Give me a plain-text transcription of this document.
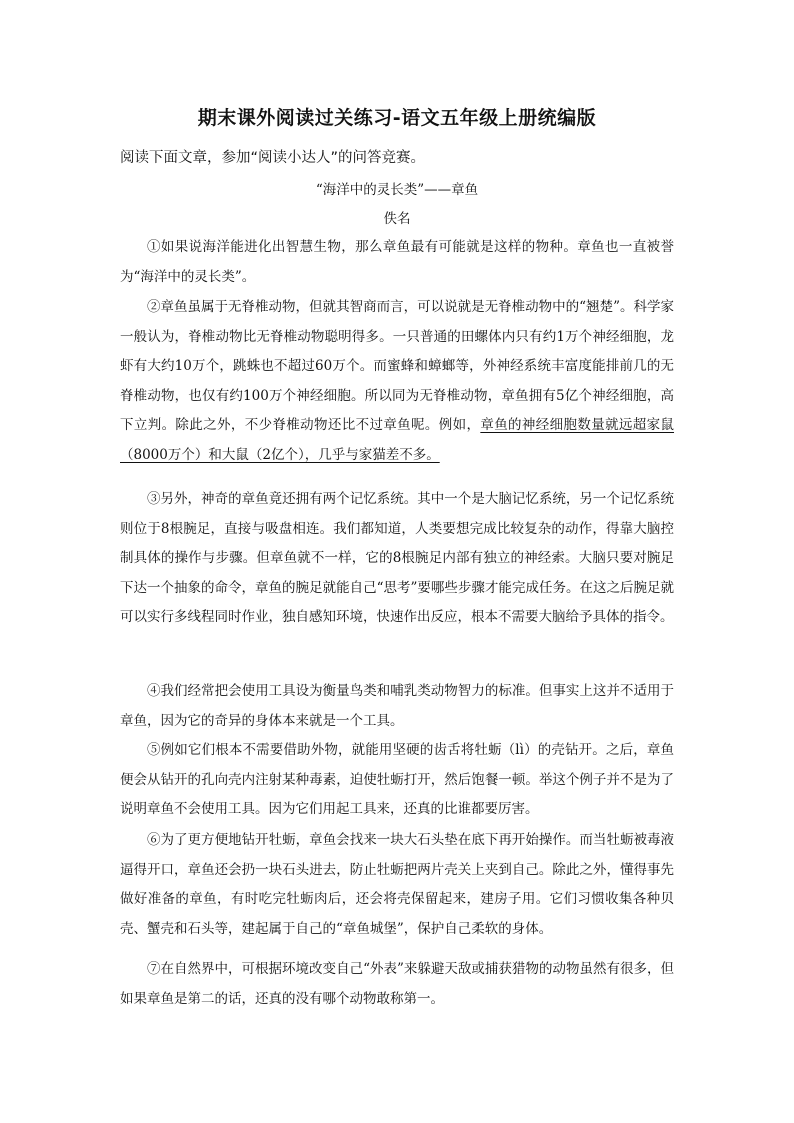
期末课外阅读过关练习-语文五年级上册统编版

阅读下面文章，参加“阅读小达人”的问答竞赛。

“海洋中的灵长类”——章鱼

佚名

①如果说海洋能进化出智慧生物，那么章鱼最有可能就是这样的物种。章鱼也一直被誉为“海洋中的灵长类”。

②章鱼虽属于无脊椎动物，但就其智商而言，可以说就是无脊椎动物中的“翘楚”。科学家一般认为，脊椎动物比无脊椎动物聪明得多。一只普通的田螺体内只有约1万个神经细胞，龙虾有大约10万个，跳蛛也不超过60万个。而蜜蜂和蟑螂等，外神经系统丰富度能排前几的无脊椎动物，也仅有约100万个神经细胞。所以同为无脊椎动物，章鱼拥有5亿个神经细胞，高下立判。除此之外，不少脊椎动物还比不过章鱼呢。例如，章鱼的神经细胞数量就远超家鼠（8000万个）和大鼠（2亿个），几乎与家猫差不多。

③另外，神奇的章鱼竟还拥有两个记忆系统。其中一个是大脑记忆系统，另一个记忆系统则位于8根腕足，直接与吸盘相连。我们都知道，人类要想完成比较复杂的动作，得靠大脑控制具体的操作与步骤。但章鱼就不一样，它的8根腕足内部有独立的神经索。大脑只要对腕足下达一个抽象的命令，章鱼的腕足就能自己“思考”要哪些步骤才能完成任务。在这之后腕足就可以实行多线程同时作业，独自感知环境，快速作出反应，根本不需要大脑给予具体的指令。

④我们经常把会使用工具设为衡量鸟类和哺乳类动物智力的标准。但事实上这并不适用于章鱼，因为它的奇异的身体本来就是一个工具。

⑤例如它们根本不需要借助外物，就能用坚硬的齿舌将牡蛎（lì）的壳钻开。之后，章鱼便会从钻开的孔向壳内注射某种毒素，迫使牡蛎打开，然后饱餐一顿。举这个例子并不是为了说明章鱼不会使用工具。因为它们用起工具来，还真的比谁都要厉害。

⑥为了更方便地钻开牡蛎，章鱼会找来一块大石头垫在底下再开始操作。而当牡蛎被毒液逼得开口，章鱼还会扔一块石头进去，防止牡蛎把两片壳关上夹到自己。除此之外，懂得事先做好准备的章鱼，有时吃完牡蛎肉后，还会将壳保留起来，建房子用。它们习惯收集各种贝壳、蟹壳和石头等，建起属于自己的“章鱼城堡”，保护自己柔软的身体。

⑦在自然界中，可根据环境改变自己“外表”来躲避天敌或捕获猎物的动物虽然有很多，但如果章鱼是第二的话，还真的没有哪个动物敢称第一。
